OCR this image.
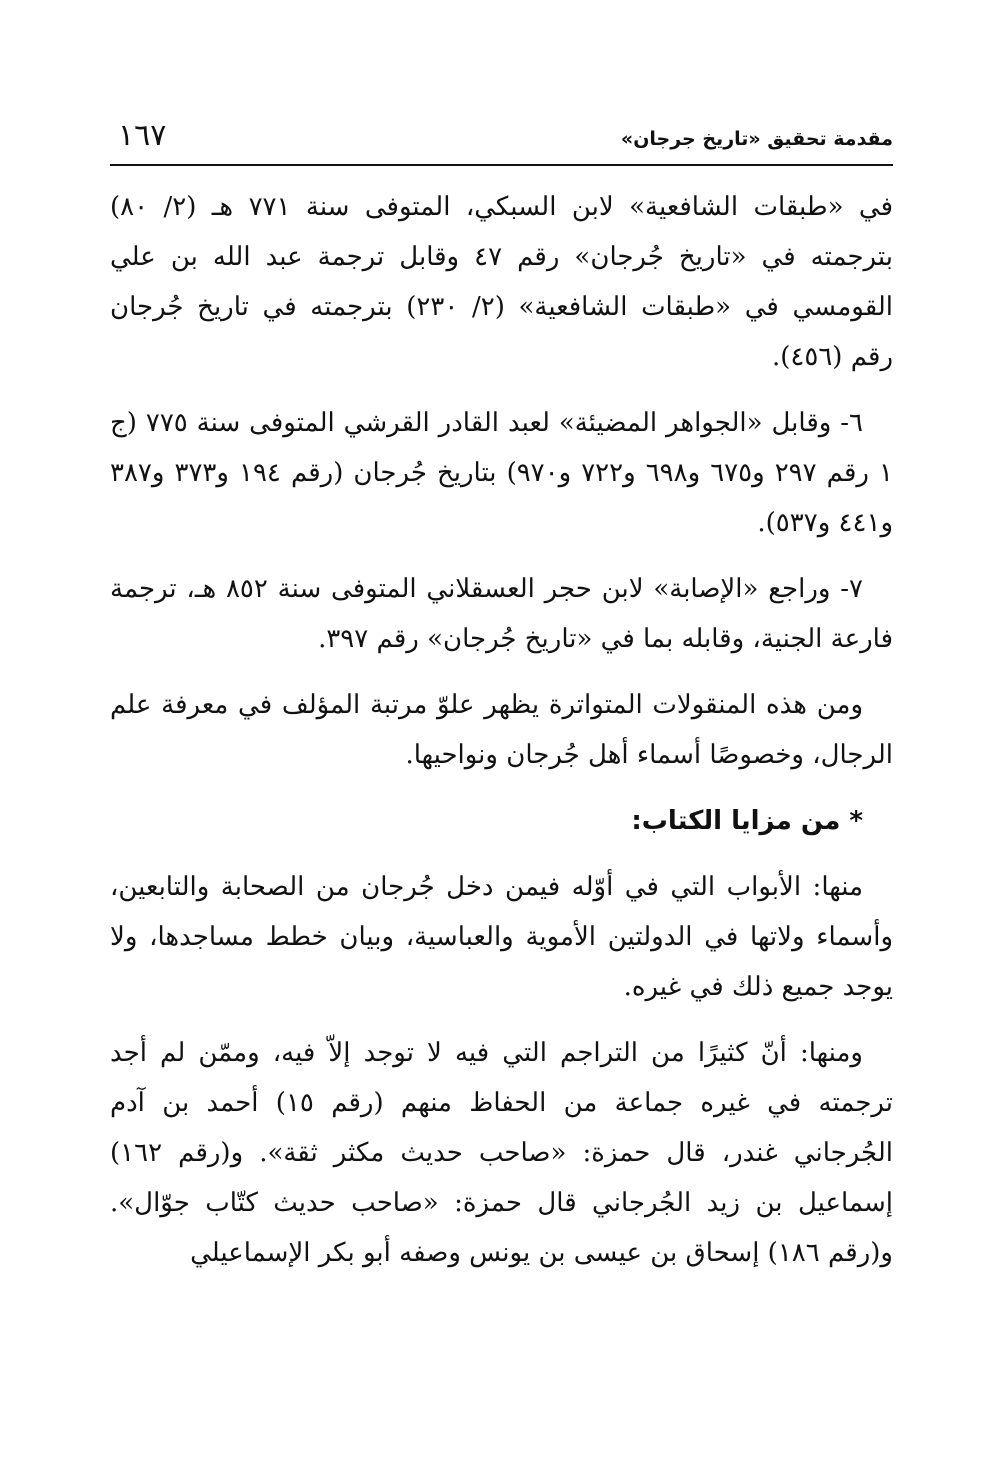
مقدمة تحقيق «تاريخ جرجان»
١٦٧

في «طبقات الشافعية» لابن السبكي، المتوفى سنة ٧٧١ هـ (٢/ ٨٠) بترجمته في «تاريخ جُرجان» رقم ٤٧ وقابل ترجمة عبد الله بن علي القومسي في «طبقات الشافعية» (٢/ ٢٣٠) بترجمته في تاريخ جُرجان رقم (٤٥٦).

٦- وقابل «الجواهر المضيئة» لعبد القادر القرشي المتوفى سنة ٧٧٥ (ج ١ رقم ٢٩٧ و٦٧٥ و٦٩٨ و٧٢٢ و٩٧٠) بتاريخ جُرجان (رقم ١٩٤ و٣٧٣ و٣٨٧ و٤٤١ و٥٣٧).

٧- وراجع «الإصابة» لابن حجر العسقلاني المتوفى سنة ٨٥٢ هـ، ترجمة فارعة الجنية، وقابله بما في «تاريخ جُرجان» رقم ٣٩٧.

ومن هذه المنقولات المتواترة يظهر علوّ مرتبة المؤلف في معرفة علم الرجال، وخصوصًا أسماء أهل جُرجان ونواحيها.

* من مزايا الكتاب:

منها: الأبواب التي في أوّله فيمن دخل جُرجان من الصحابة والتابعين، وأسماء ولاتها في الدولتين الأموية والعباسية، وبيان خطط مساجدها، ولا يوجد جميع ذلك في غيره.

ومنها: أنّ كثيرًا من التراجم التي فيه لا توجد إلاّ فيه، وممّن لم أجد ترجمته في غيره جماعة من الحفاظ منهم (رقم ١٥) أحمد بن آدم الجُرجاني غندر، قال حمزة: «صاحب حديث مكثر ثقة». و(رقم ١٦٢) إسماعيل بن زيد الجُرجاني قال حمزة: «صاحب حديث كتّاب جوّال». و(رقم ١٨٦) إسحاق بن عيسى بن يونس وصفه أبو بكر الإسماعيلي
